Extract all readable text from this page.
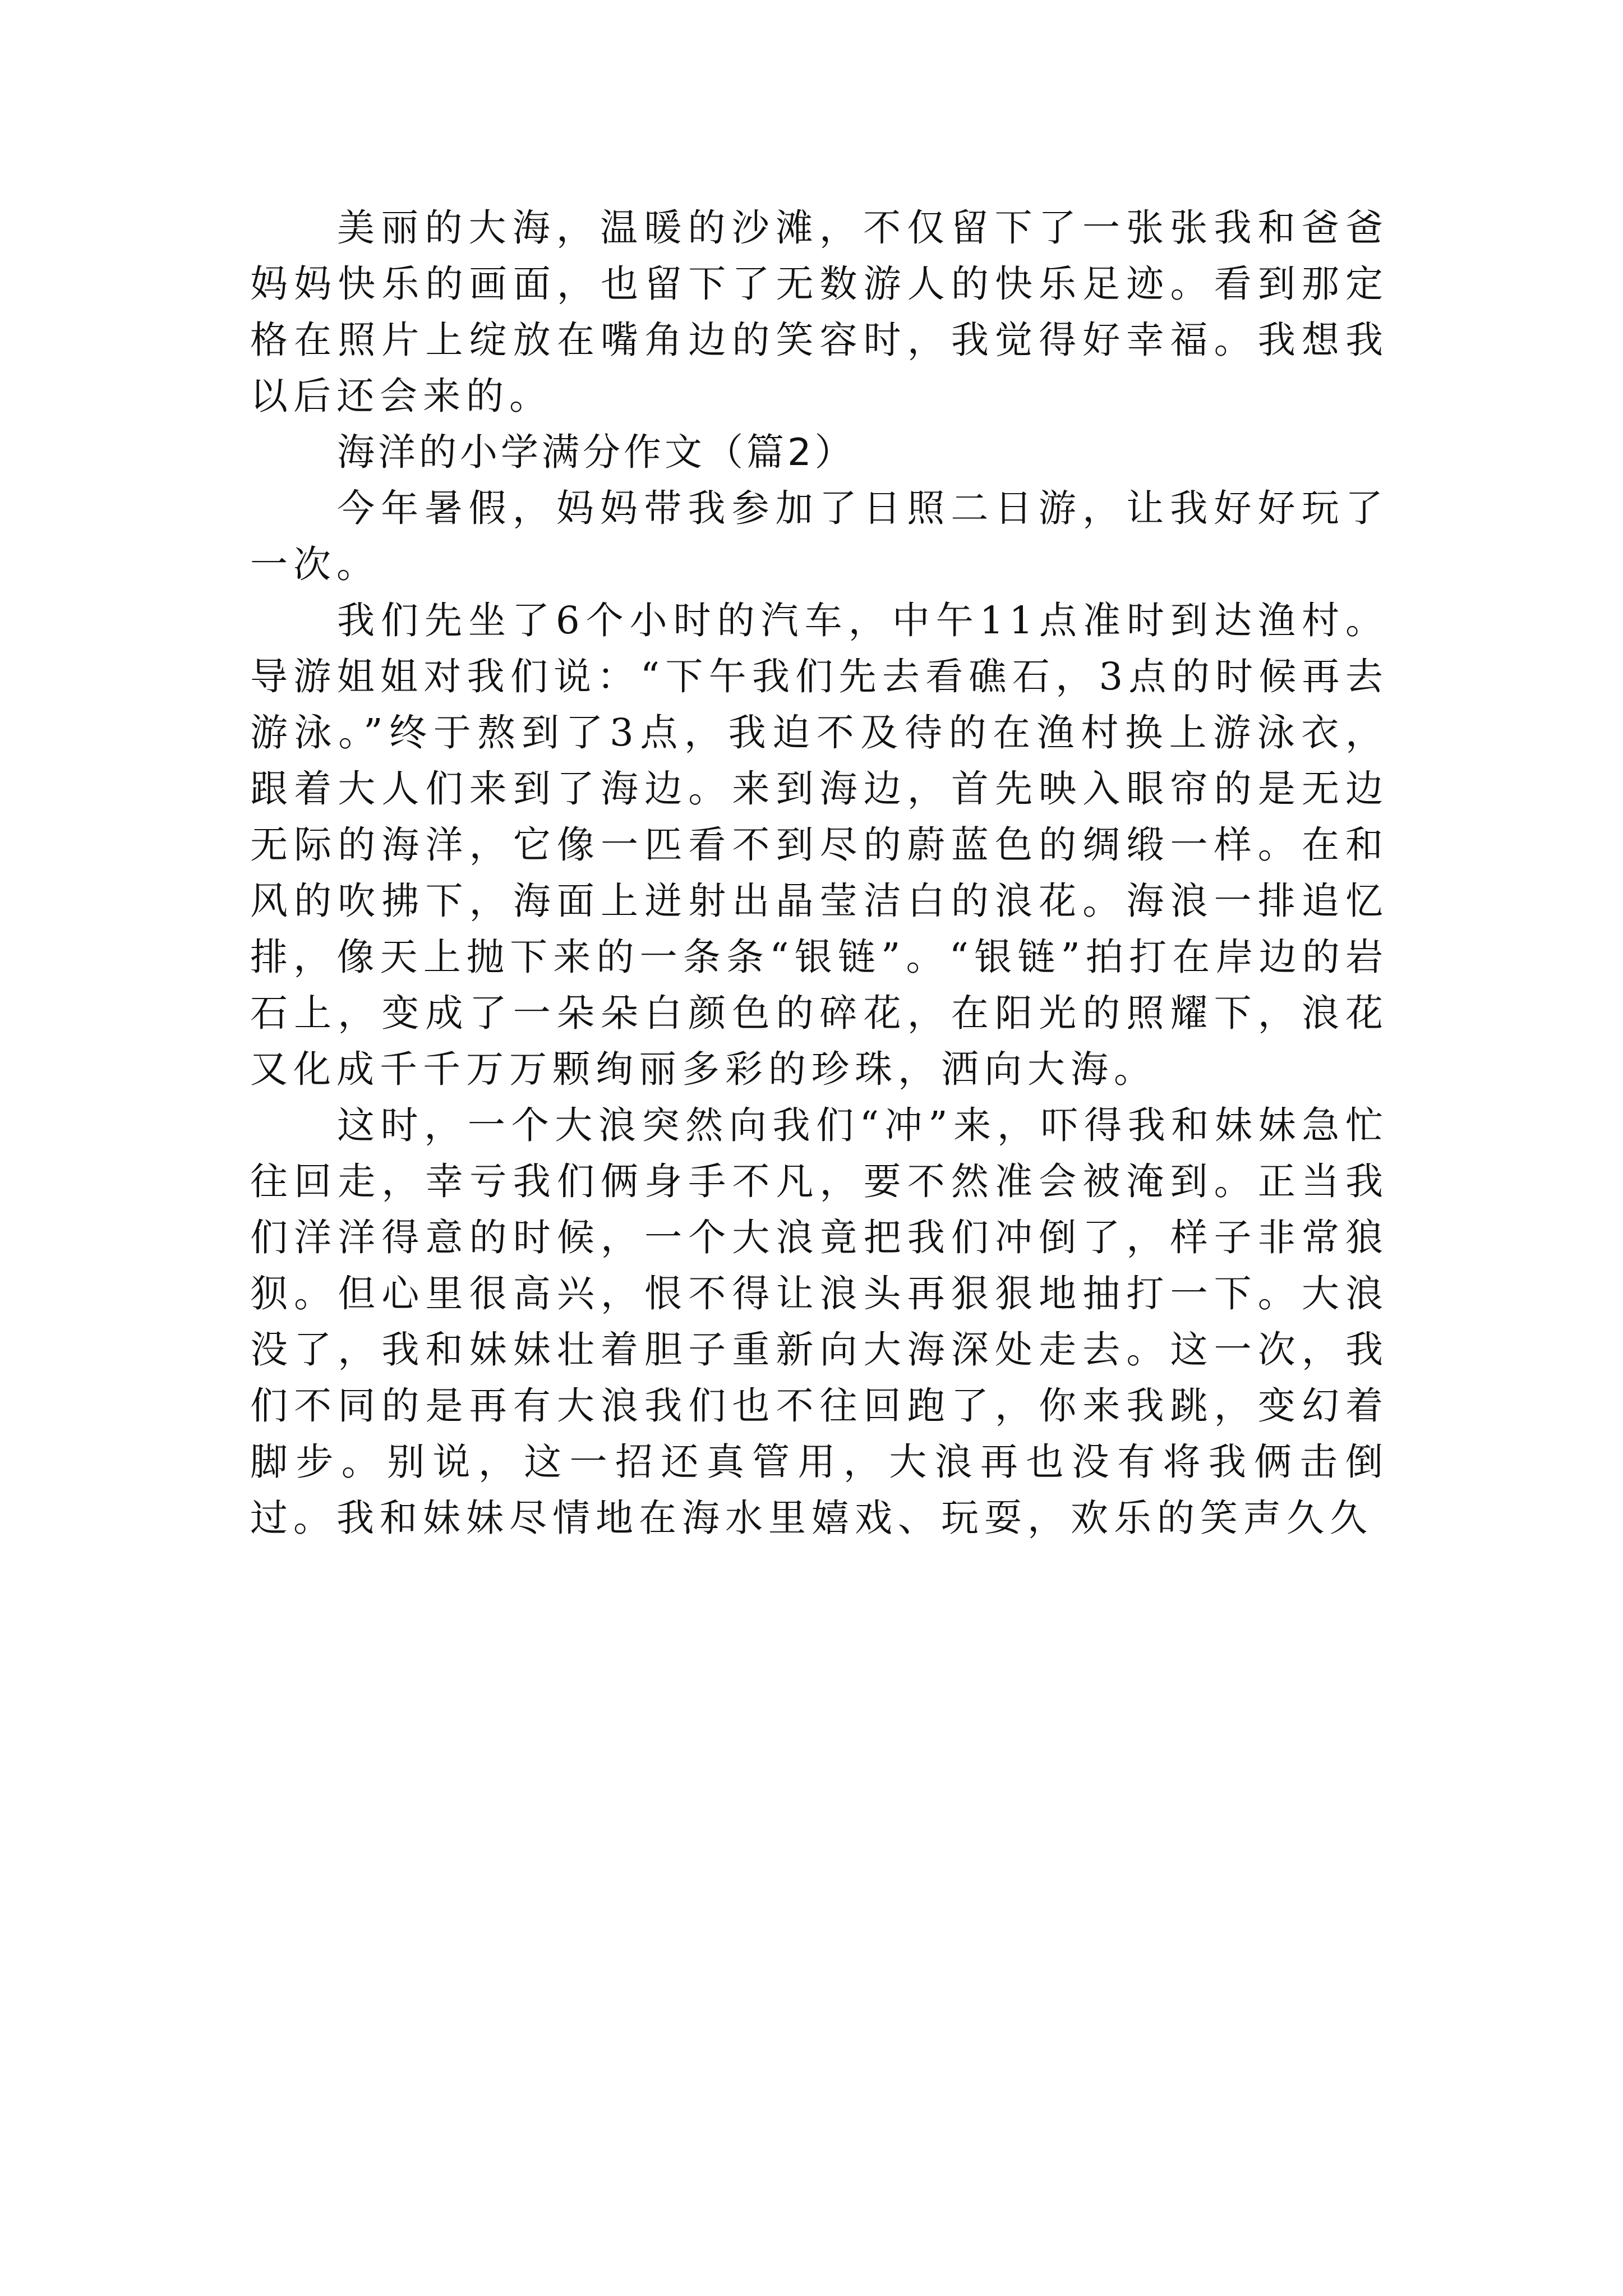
美丽的大海，温暖的沙滩，不仅留下了一张张我和爸爸妈妈快乐的画面，也留下了无数游人的快乐足迹。看到那定格在照片上绽放在嘴角边的笑容时，我觉得好幸福。我想我以后还会来的。

海洋的小学满分作文（篇2）

今年暑假，妈妈带我参加了日照二日游，让我好好玩了一次。

我们先坐了6个小时的汽车，中午11点准时到达渔村。导游姐姐对我们说：“下午我们先去看礁石，3点的时候再去游泳。”终于熬到了3点，我迫不及待的在渔村换上游泳衣，跟着大人们来到了海边。来到海边，首先映入眼帘的是无边无际的海洋，它像一匹看不到尽的蔚蓝色的绸缎一样。在和风的吹拂下，海面上迸射出晶莹洁白的浪花。海浪一排追忆排，像天上抛下来的一条条“银链”。“银链”拍打在岸边的岩石上，变成了一朵朵白颜色的碎花，在阳光的照耀下，浪花又化成千千万万颗绚丽多彩的珍珠，洒向大海。

这时，一个大浪突然向我们“冲”来，吓得我和妹妹急忙往回走，幸亏我们俩身手不凡，要不然准会被淹到。正当我们洋洋得意的时候，一个大浪竟把我们冲倒了，样子非常狼狈。但心里很高兴，恨不得让浪头再狠狠地抽打一下。大浪没了，我和妹妹壮着胆子重新向大海深处走去。这一次，我们不同的是再有大浪我们也不往回跑了，你来我跳，变幻着脚步。别说，这一招还真管用，大浪再也没有将我俩击倒过。我和妹妹尽情地在海水里嬉戏、玩耍，欢乐的笑声久久
